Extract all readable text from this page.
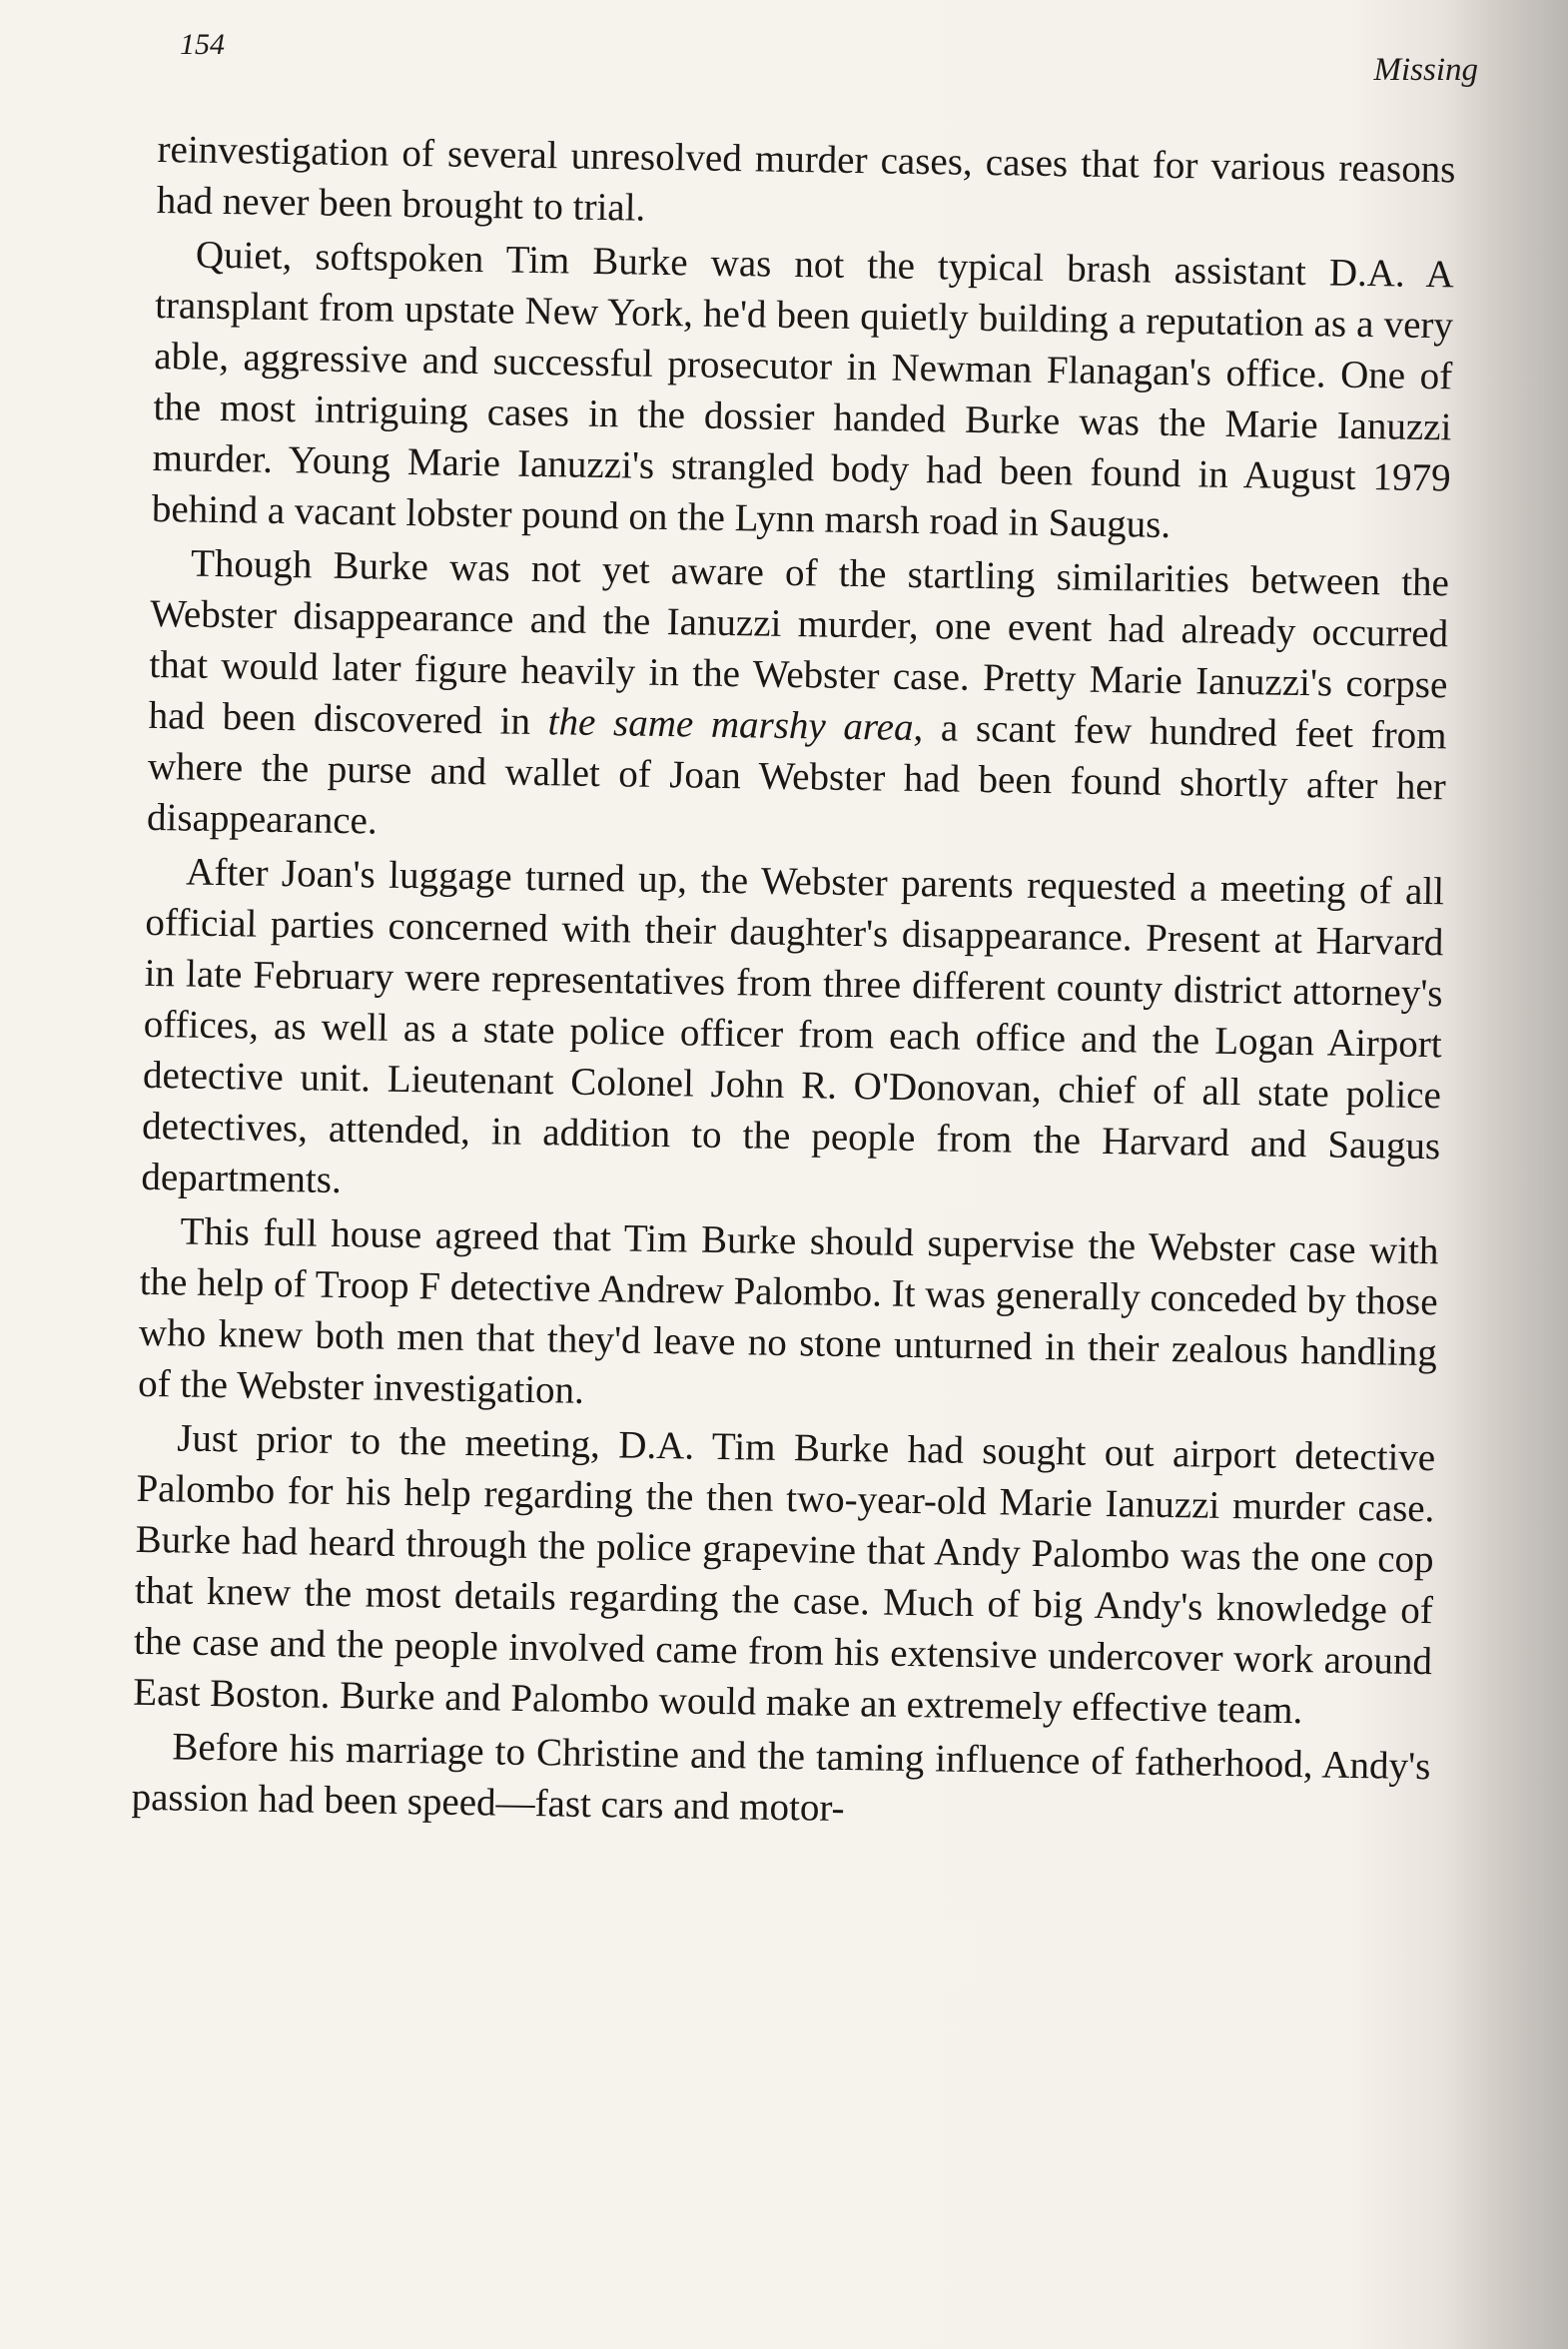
154
Missing

reinvestigation of several unresolved murder cases, cases that for various reasons had never been brought to trial.

Quiet, softspoken Tim Burke was not the typical brash assistant D.A. A transplant from upstate New York, he'd been quietly building a reputation as a very able, aggressive and successful prosecutor in Newman Flanagan's office. One of the most intriguing cases in the dossier handed Burke was the Marie Ianuzzi murder. Young Marie Ianuzzi's strangled body had been found in August 1979 behind a vacant lobster pound on the Lynn marsh road in Saugus.

Though Burke was not yet aware of the startling similarities between the Webster disappearance and the Ianuzzi murder, one event had already occurred that would later figure heavily in the Webster case. Pretty Marie Ianuzzi's corpse had been discovered in the same marshy area, a scant few hundred feet from where the purse and wallet of Joan Webster had been found shortly after her disappearance.

After Joan's luggage turned up, the Webster parents requested a meeting of all official parties concerned with their daughter's disappearance. Present at Harvard in late February were representatives from three different county district attorney's offices, as well as a state police officer from each office and the Logan Airport detective unit. Lieutenant Colonel John R. O'Donovan, chief of all state police detectives, attended, in addition to the people from the Harvard and Saugus departments.

This full house agreed that Tim Burke should supervise the Webster case with the help of Troop F detective Andrew Palombo. It was generally conceded by those who knew both men that they'd leave no stone unturned in their zealous handling of the Webster investigation.

Just prior to the meeting, D.A. Tim Burke had sought out airport detective Palombo for his help regarding the then two-year-old Marie Ianuzzi murder case. Burke had heard through the police grapevine that Andy Palombo was the one cop that knew the most details regarding the case. Much of big Andy's knowledge of the case and the people involved came from his extensive undercover work around East Boston. Burke and Palombo would make an extremely effective team.

Before his marriage to Christine and the taming influence of fatherhood, Andy's passion had been speed—fast cars and motor-
